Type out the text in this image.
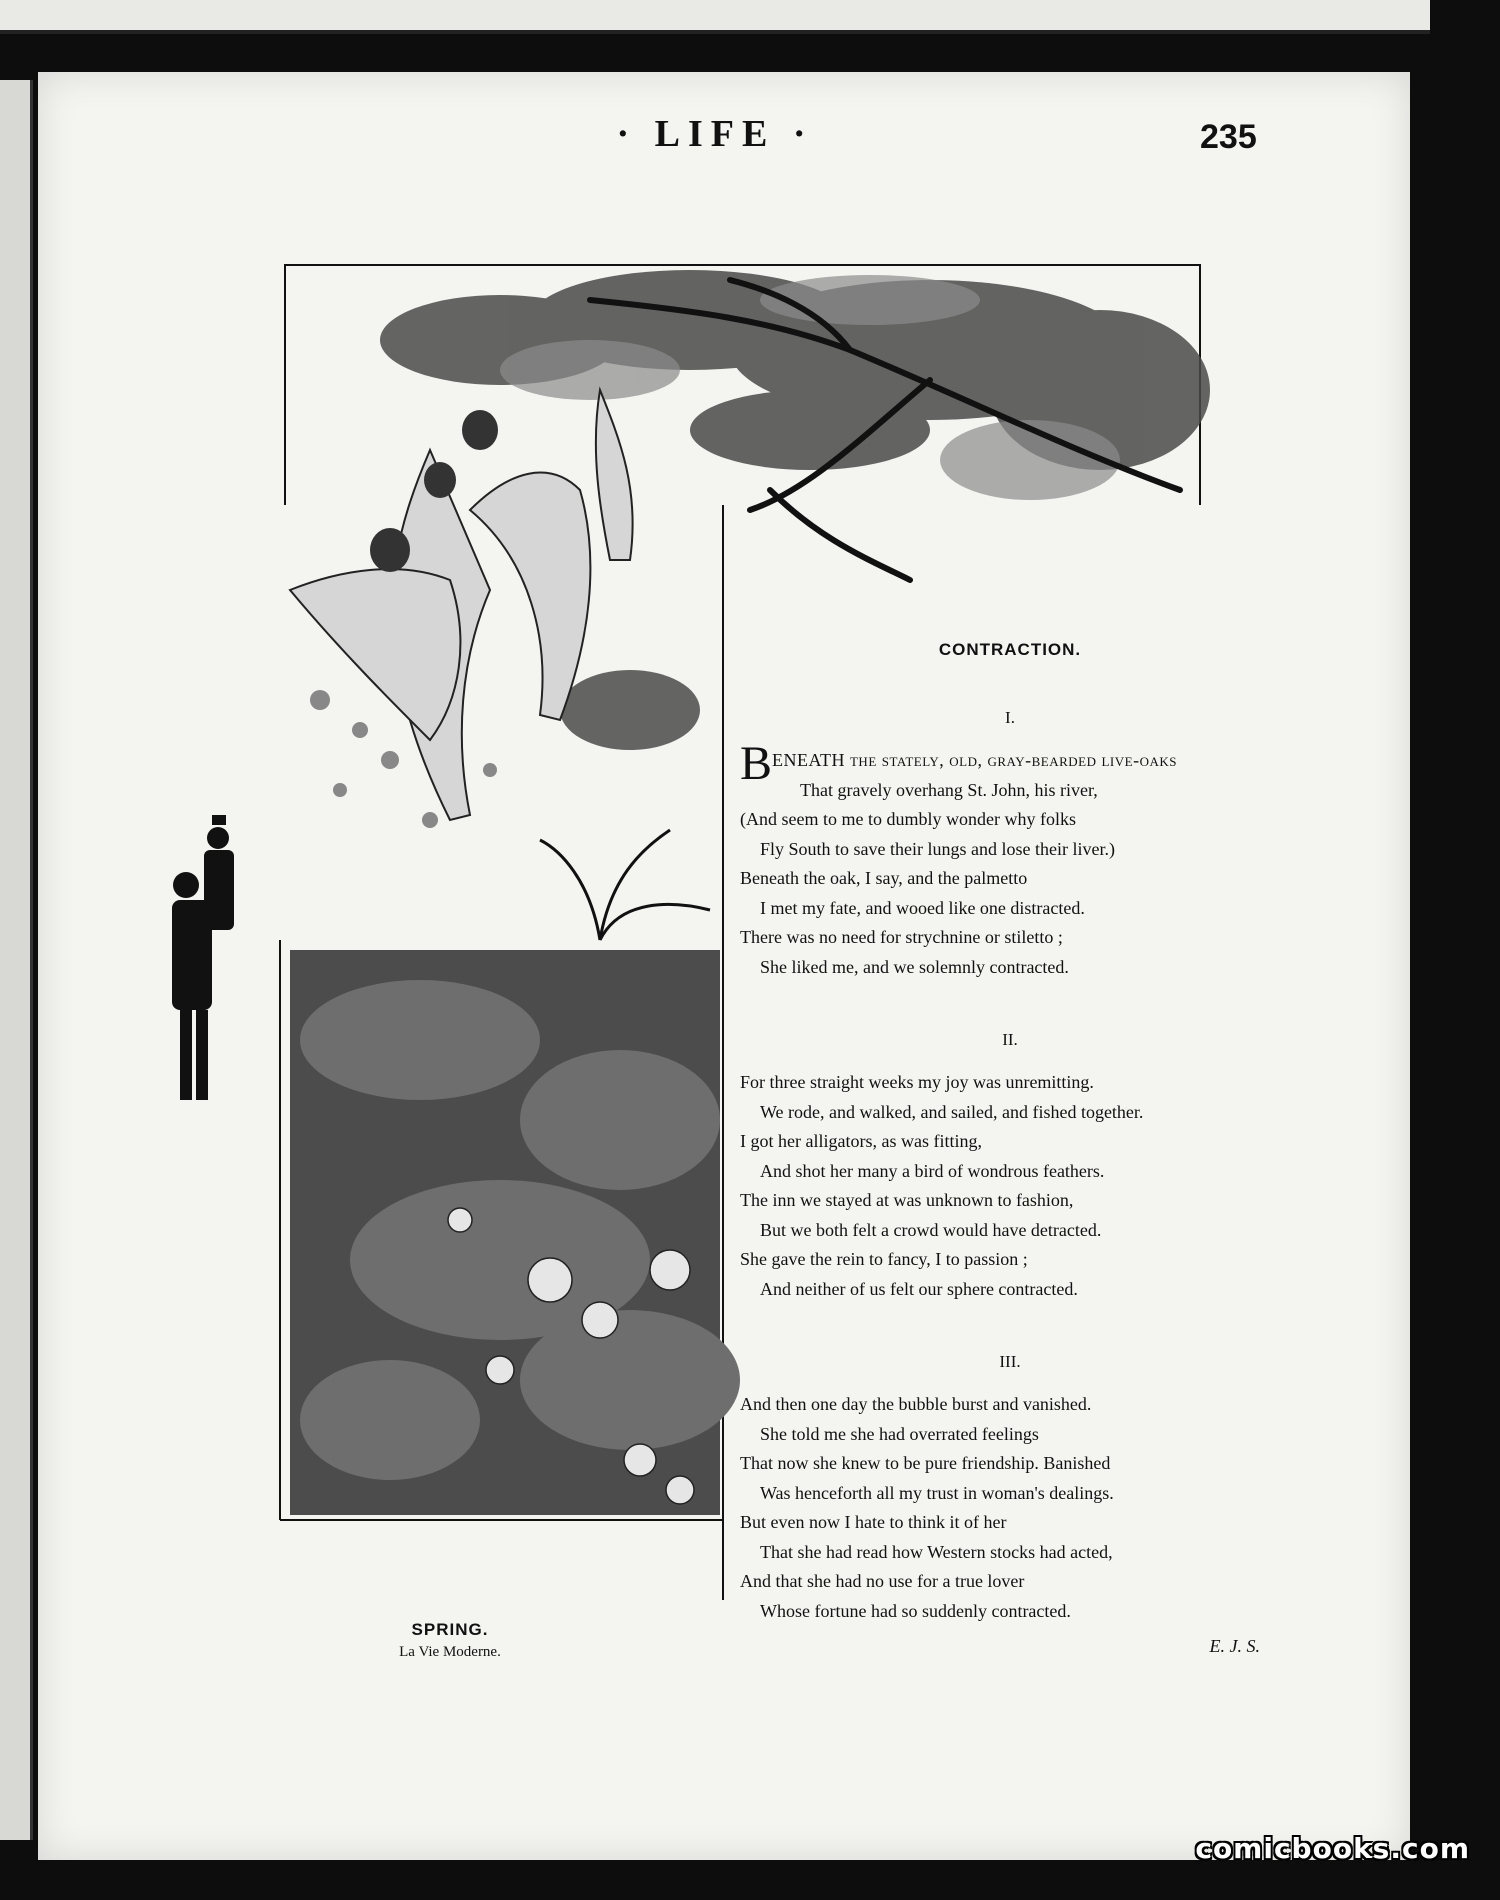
· LIFE ·	235
CONTRACTION.
I.
B ENEATH the stately, old, gray-bearded live-oaks
That gravely overhang St. John, his river,
(And seem to me to dumbly wonder why folks
Fly South to save their lungs and lose their liver.)
Beneath the oak, I say, and the palmetto
I met my fate, and wooed like one distracted.
There was no need for strychnine or stiletto ;
She liked me, and we solemnly contracted.
II.
For three straight weeks my joy was unremitting.
We rode, and walked, and sailed, and fished together.
I got her alligators, as was fitting,
And shot her many a bird of wondrous feathers.
The inn we stayed at was unknown to fashion,
But we both felt a crowd would have detracted.
She gave the rein to fancy, I to passion ;
And neither of us felt our sphere contracted.
III.
And then one day the bubble burst and vanished.
She told me she had overrated feelings
That now she knew to be pure friendship. Banished
Was henceforth all my trust in woman's dealings.
But even now I hate to think it of her
That she had read how Western stocks had acted,
And that she had no use for a true lover
Whose fortune had so suddenly contracted.
E. J. S.
SPRING.
La Vie Moderne.
comicbooks.com
